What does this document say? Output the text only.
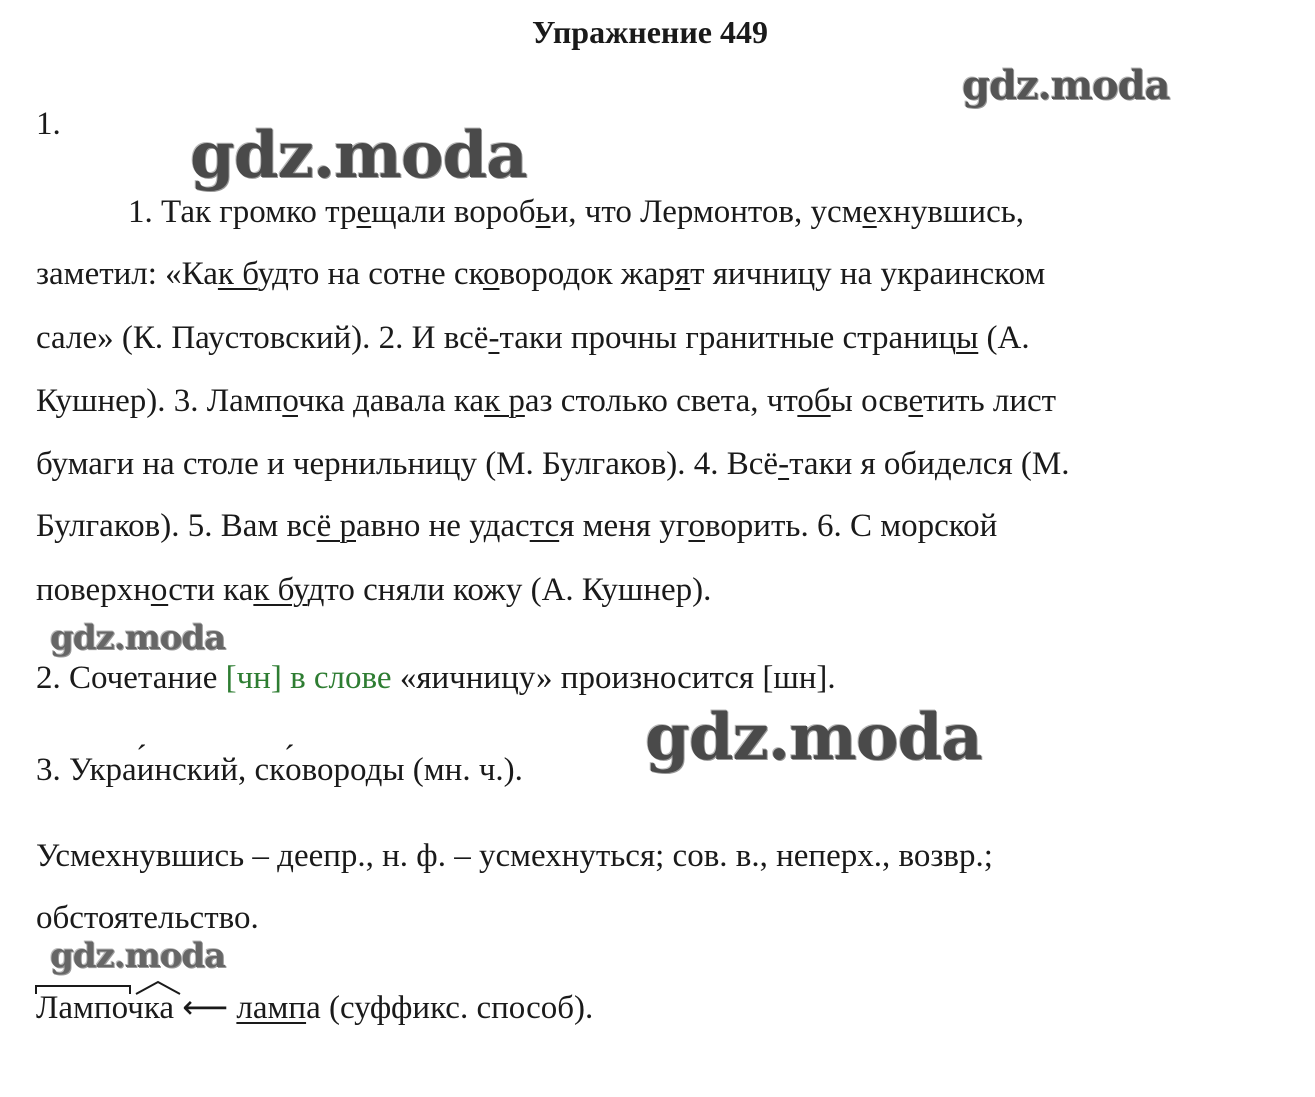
Упражнение 449
gdz.moda
gdz.moda
gdz.moda
gdz.moda
gdz.moda
1.
1. Так громко трещали воробьи, что Лермонтов, усмехнувшись,
заметил: «Как будто на сотне сковородок жарят яичницу на украинском
сале» (К. Паустовский). 2. И всё-таки прочны гранитные страницы (А.
Кушнер). 3. Лампочка давала как раз столько света, чтобы осветить лист
бумаги на столе и чернильницу (М. Булгаков). 4. Всё-таки я обиделся (М.
Булгаков). 5. Вам всё равно не удастся меня уговорить. 6. С морской
поверхности как будто сняли кожу (А. Кушнер).
2. Сочетание [чн] в слове «яичницу» произносится [шн].
3. Украи ́нский, ско ́вороды (мн. ч.).
Усмехнувшись – деепр., н. ф. – усмехнуться; сов. в., неперх., возвр.;
обстоятельство.
Лампочка ⟵ лампа (суффикс. способ).
